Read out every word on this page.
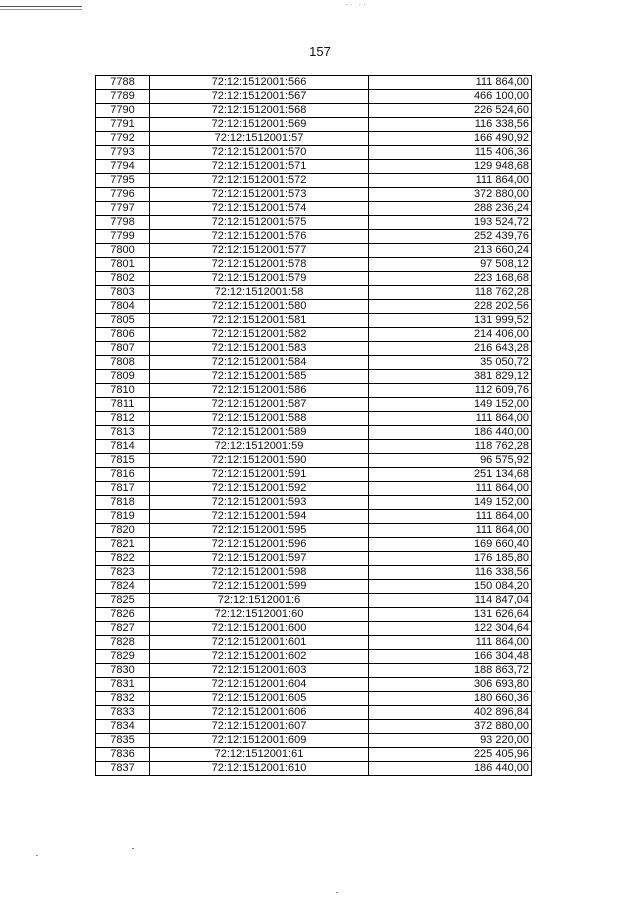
·· ··
157
7788	72:12:1512001:566	111 864,00
7789	72:12:1512001:567	466 100,00
7790	72:12:1512001:568	226 524,60
7791	72:12:1512001:569	116 338,56
7792	72:12:1512001:57	166 490,92
7793	72:12:1512001:570	115 406,36
7794	72:12:1512001:571	129 948,68
7795	72:12:1512001:572	111 864,00
7796	72:12:1512001:573	372 880,00
7797	72:12:1512001:574	288 236,24
7798	72:12:1512001:575	193 524,72
7799	72:12:1512001:576	252 439,76
7800	72:12:1512001:577	213 660,24
7801	72:12:1512001:578	97 508,12
7802	72:12:1512001:579	223 168,68
7803	72:12:1512001:58	118 762,28
7804	72:12:1512001:580	228 202,56
7805	72:12:1512001:581	131 999,52
7806	72:12:1512001:582	214 406,00
7807	72:12:1512001:583	216 643,28
7808	72:12:1512001:584	35 050,72
7809	72:12:1512001:585	381 829,12
7810	72:12:1512001:586	112 609,76
7811	72:12:1512001:587	149 152,00
7812	72:12:1512001:588	111 864,00
7813	72:12:1512001:589	186 440,00
7814	72:12:1512001:59	118 762,28
7815	72:12:1512001:590	96 575,92
7816	72:12:1512001:591	251 134,68
7817	72:12:1512001:592	111 864,00
7818	72:12:1512001:593	149 152,00
7819	72:12:1512001:594	111 864,00
7820	72:12:1512001:595	111 864,00
7821	72:12:1512001:596	169 660,40
7822	72:12:1512001:597	176 185,80
7823	72:12:1512001:598	116 338,56
7824	72:12:1512001:599	150 084,20
7825	72:12:1512001:6	114 847,04
7826	72:12:1512001:60	131 626,64
7827	72:12:1512001:600	122 304,64
7828	72:12:1512001:601	111 864,00
7829	72:12:1512001:602	166 304,48
7830	72:12:1512001:603	188 863,72
7831	72:12:1512001:604	306 693,80
7832	72:12:1512001:605	180 660,36
7833	72:12:1512001:606	402 896,84
7834	72:12:1512001:607	372 880,00
7835	72:12:1512001:609	93 220,00
7836	72:12:1512001:61	225 405,96
7837	72:12:1512001:610	186 440,00
